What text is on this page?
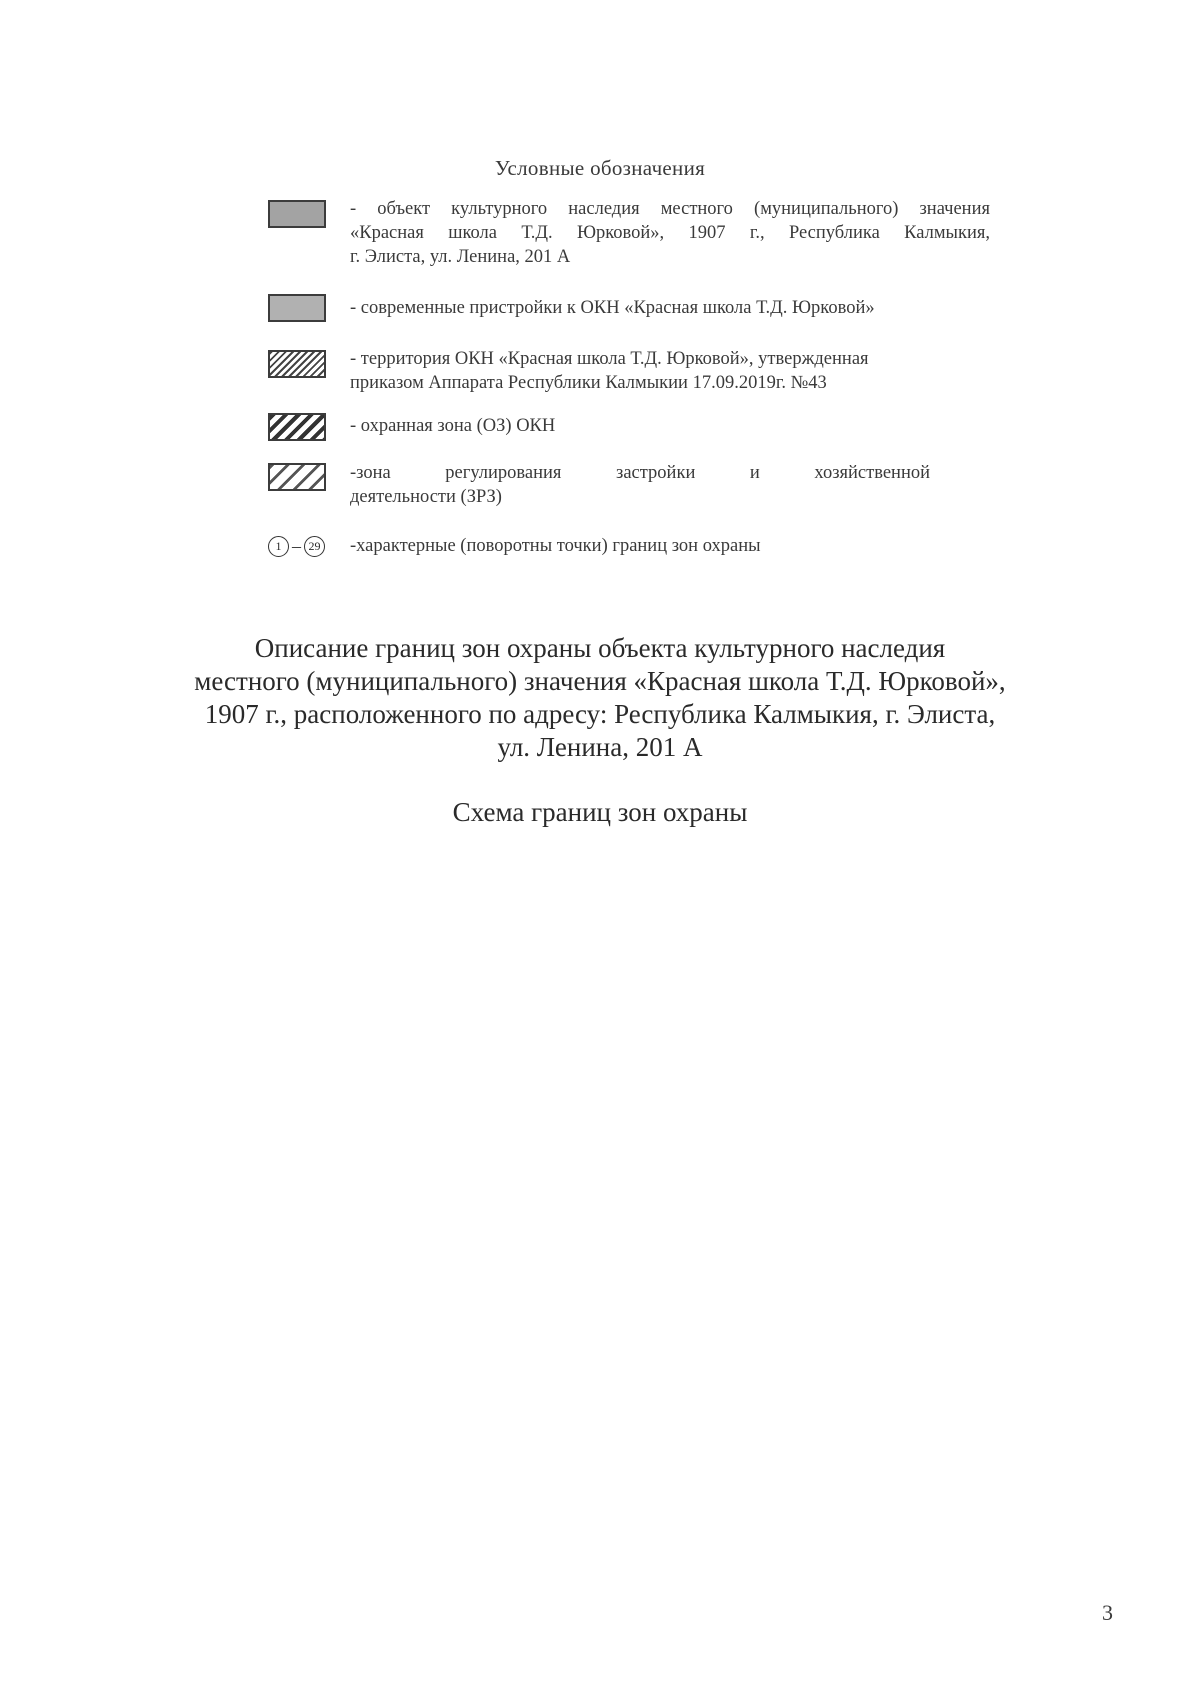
Условные обозначения
- объект культурного наследия местного (муниципального) значения
«Красная школа Т.Д. Юрковой», 1907 г., Республика Калмыкия,
г. Элиста, ул. Ленина, 201 А
- современные пристройки к ОКН «Красная школа Т.Д. Юрковой»
- территория ОКН «Красная школа Т.Д. Юрковой», утвержденная
приказом Аппарата Республики Калмыкии 17.09.2019г. №43
- охранная зона (ОЗ) ОКН
-зона регулирования застройки и хозяйственной
деятельности (ЗРЗ)
1 – 29 -характерные (поворотны точки) границ зон охраны
Описание границ зон охраны объекта культурного наследия
местного (муниципального) значения «Красная школа Т.Д. Юрковой»,
1907 г., расположенного по адресу: Республика Калмыкия, г. Элиста,
ул. Ленина, 201 А
Схема границ зон охраны
3
